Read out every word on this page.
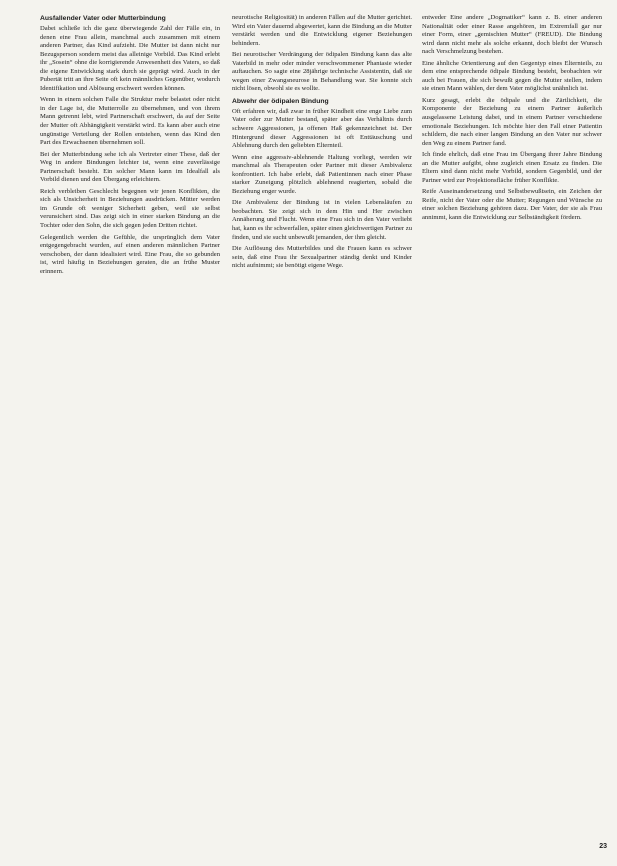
Ausfallender Vater oder Mutterbindung

Dabei schließe ich die ganz überwiegende Zahl der Fälle ein, in denen eine Frau allein, manchmal auch zusammen mit einem anderen Partner, das Kind aufzieht. Die Mutter ist dann nicht nur Bezugsperson sondern meist das alleinige Vorbild. Das Kind erlebt ihr „Sosein“ ohne die korrigierende Anwesenheit des Vaters, so daß die eigene Entwicklung stark durch sie geprägt wird. Auch in der Pubertät tritt an ihre Seite oft kein männliches Gegenüber, wodurch Identifikation und Ablösung erschwert werden können.

Wenn in einem solchen Falle die Struktur mehr belastet oder nicht in der Lage ist, die Mutterrolle zu übernehmen, und von ihrem Mann getrennt lebt, wird Partnerschaft erschwert, da auf der Seite der Mutter oft Abhängigkeit verstärkt wird. Es kann aber auch eine ungünstige Verteilung der Rollen entstehen, wenn das Kind den Part des Erwachsenen übernehmen soll.

Bei der Mutterbindung sehe ich als Vertreter einer These, daß der Weg in andere Bindungen leichter ist, wenn eine zuverlässige Partnerschaft besteht. Ein solcher Mann kann im Idealfall als Vorbild dienen und den Übergang erleichtern.

Reich verbleiben Geschlecht begegnen wir jenen Konflikten, die sich als Unsicherheit in Beziehungen ausdrücken. Mütter werden im Grunde oft weniger Sicherheit geben, weil sie selbst verunsichert sind. Das zeigt sich in einer starken Bindung an die Tochter oder den Sohn, die sich gegen jeden Dritten richtet.

Gelegentlich werden die Gefühle, die ursprünglich dem Vater entgegengebracht wurden, auf einen anderen männlichen Partner verschoben, der dann idealisiert wird. Eine Frau, die so gebunden ist, wird häufig in Beziehungen geraten, die an frühe Muster erinnern.

neurotische Religiosität) in anderen Fällen auf die Mutter gerichtet. Wird ein Vater dauernd abgewertet, kann die Bindung an die Mutter verstärkt werden und die Entwicklung eigener Beziehungen behindern.

Bei neurotischer Verdrängung der ödipalen Bindung kann das alte Vaterbild in mehr oder minder verschwommener Phantasie wieder auftauchen. So sagte eine 28jährige technische Assistentin, daß sie wegen einer Zwangsneurose in Behandlung war. Sie konnte sich nicht lösen, obwohl sie es wollte.

Abwehr der ödipalen Bindung

Oft erfahren wir, daß zwar in früher Kindheit eine enge Liebe zum Vater oder zur Mutter bestand, später aber das Verhältnis durch schwere Aggressionen, ja offenen Haß gekennzeichnet ist. Der Hintergrund dieser Aggressionen ist oft Enttäuschung und Ablehnung durch den geliebten Elternteil.

Wenn eine aggressiv-ablehnende Haltung vorliegt, werden wir manchmal als Therapeuten oder Partner mit dieser Ambivalenz konfrontiert. Ich habe erlebt, daß Patientinnen nach einer Phase starker Zuneigung plötzlich ablehnend reagierten, sobald die Beziehung enger wurde.

Die Ambivalenz der Bindung ist in vielen Lebensläufen zu beobachten. Sie zeigt sich in dem Hin und Her zwischen Annäherung und Flucht. Wenn eine Frau sich in den Vater verliebt hat, kann es ihr schwerfallen, später einen gleichwertigen Partner zu finden, und sie sucht unbewußt jemanden, der ihm gleicht.

Die Auflösung des Mutterbildes und die Frauen kann es schwer sein, daß eine Frau ihr Sexualpartner ständig denkt und Kinder nicht aufnimmt; sie benötigt eigene Wege.

entweder Eine andere „Dogmatiker“ kann z. B. einer anderen Nationalität oder einer Rasse angehören, im Extremfall gar nur einer Form, einer „gemischten Mutter“ (FREUD). Die Bindung wird dann nicht mehr als solche erkannt, doch bleibt der Wunsch nach Verschmelzung bestehen.

Eine ähnliche Orientierung auf den Gegentyp eines Elternteils, zu dem eine entsprechende ödipale Bindung besteht, beobachten wir auch bei Frauen, die sich bewußt gegen die Mutter stellen, indem sie einen Mann wählen, der dem Vater möglichst unähnlich ist.

Kurz gesagt, erlebt die ödipale und die Zärtlichkeit, die Komponente der Beziehung zu einem Partner äußerlich ausgelassene Leistung dabei, und in einem Partner verschiedene emotionale Beziehungen. Ich möchte hier den Fall einer Patientin schildern, die nach einer langen Bindung an den Vater nur schwer den Weg zu einem Partner fand.

Ich finde ehrlich, daß eine Frau im Übergang ihrer Jahre Bindung an die Mutter aufgibt, ohne zugleich einen Ersatz zu finden. Die Eltern sind dann nicht mehr Vorbild, sondern Gegenbild, und der Partner wird zur Projektionsfläche früher Konflikte.

Reife Auseinandersetzung und Selbstbewußtsein, ein Zeichen der Reife, nicht der Vater oder die Mutter; Regungen und Wünsche zu einer solchen Beziehung gehören dazu. Der Vater, der sie als Frau annimmt, kann die Entwicklung zur Selbständigkeit fördern.

23
